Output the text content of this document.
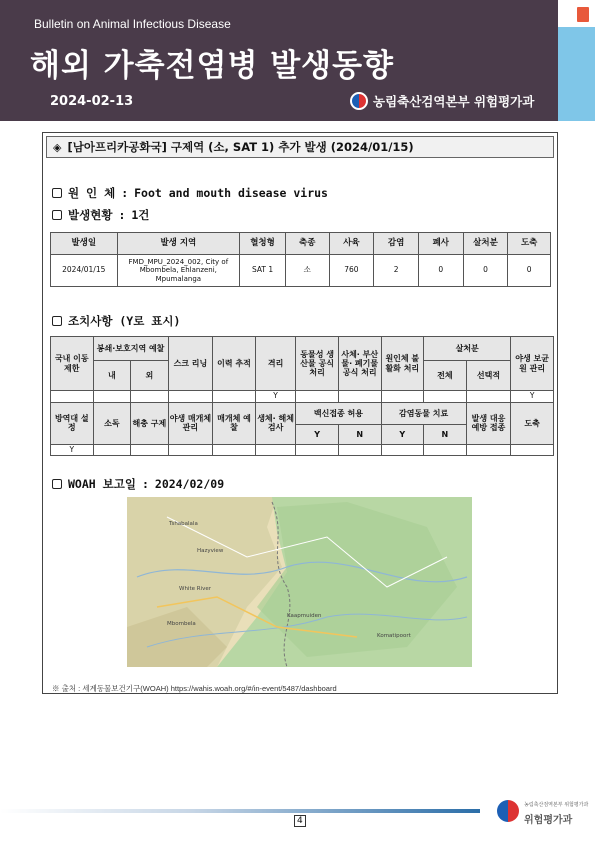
Bulletin on Animal Infectious Disease
해외 가축전염병 발생동향
2024-02-13	농림축산검역본부 위험평가과
◈ [남아프리카공화국] 구제역 (소, SAT 1) 추가 발생 (2024/01/15)
원 인 체 : Foot and mouth disease virus
발생현황 : 1건
발생일	발생 지역	혈청형	축종	사육	감염	폐사	살처분	도축
2024/01/15	FMD_MPU_2024_002, City of Mbombela, Ehlanzeni, Mpumalanga	SAT 1	소	760	2	0	0	0
조치사항 (Y로 표시)
국내 이동 제한	봉쇄·보호지역 예찰		스크 리닝	이력 추적	격리	동물성 생산물 공식 처리	사체· 부산물· 폐기물 공식 처리	원인체 불활화 처리	살처분		야생 보균원 관리
	내	외							전체	선택적	
					Y						Y
방역대 설정	소독	해충 구제	야생 매개체 관리	매개체 예찰	생체· 해체 검사	백신접종 허용		감염동물 치료		발생 대응 예방 접종	도축
						Y	N	Y	N		
Y											
WOAH 보고일 : 2024/02/09
Tshabalala
Hazyview
White River
Mbombela
Kaapmuiden
Komatipoort
※ 출처 : 세계동물보건기구(WOAH) https://wahis.woah.org/#/in-event/5487/dashboard
4
농림축산검역본부 위험평가과
위험평가과
